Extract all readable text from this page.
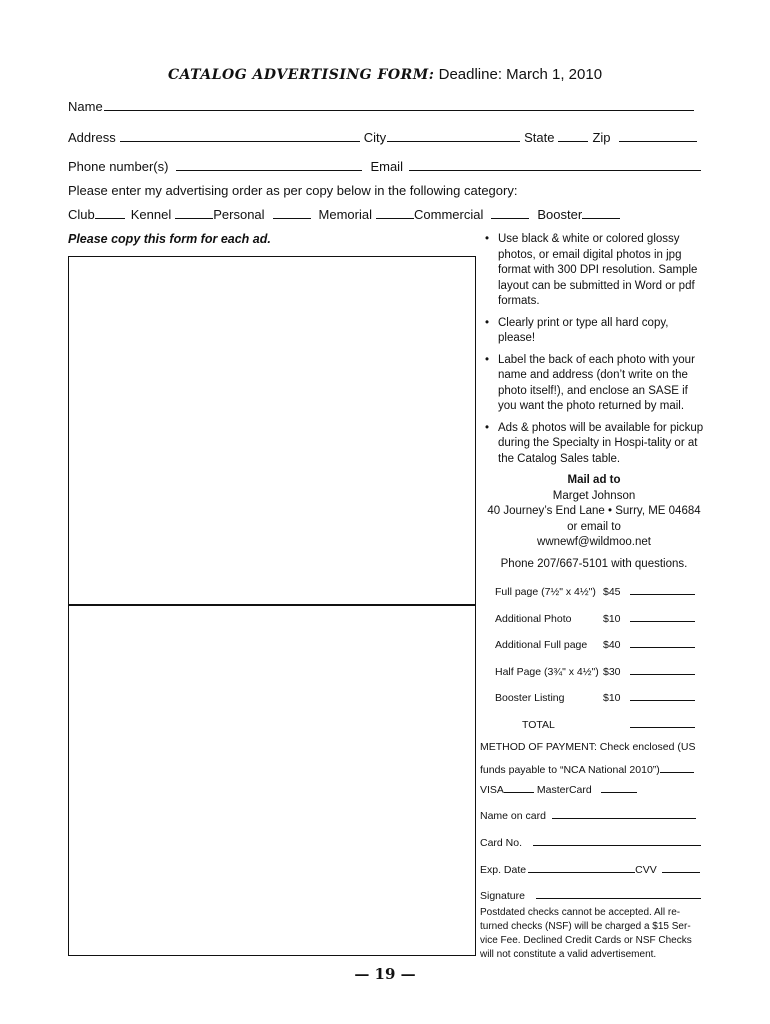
CATALOG ADVERTISING FORM: Deadline: March 1, 2010
Name
Address	City	State	Zip
Phone number(s)	Email
Please enter my advertising order as per copy below in the following category:
Club	Kennel	Personal	Memorial	Commercial	Booster
Please copy this form for each ad.
•	Use black & white or colored glossy photos, or email digital photos in jpg format with 300 DPI resolution. Sample layout can be submitted in Word or pdf formats.
• Clearly print or type all hard copy, please!
• Label the back of each photo with your name and address (don’t write on the photo itself!), and enclose an SASE if you want the photo returned by mail.
• Ads & photos will be available for pickup during the Specialty in Hospi-tality or at the Catalog Sales table.
Mail ad to
Marget Johnson
40 Journey’s End Lane • Surry, ME 04684
or email to
wwnewf@wildmoo.net
Phone 207/667-5101 with questions.
Full page (7½" x 4½") $45
Additional Photo	$10
Additional Full page $40
Half Page (3¾" x 4½") $30
Booster Listing	$10
TOTAL
METHOD OF PAYMENT: Check enclosed (US
funds payable to “NCA National 2010”)
VISA	MasterCard
Name on card
Card No.
Exp. Date	CVV
Signature
Postdated checks cannot be accepted. All re-turned checks (NSF) will be charged a $15 Ser-vice Fee. Declined Credit Cards or NSF Checks will not constitute a valid advertisement.
— 19 —
